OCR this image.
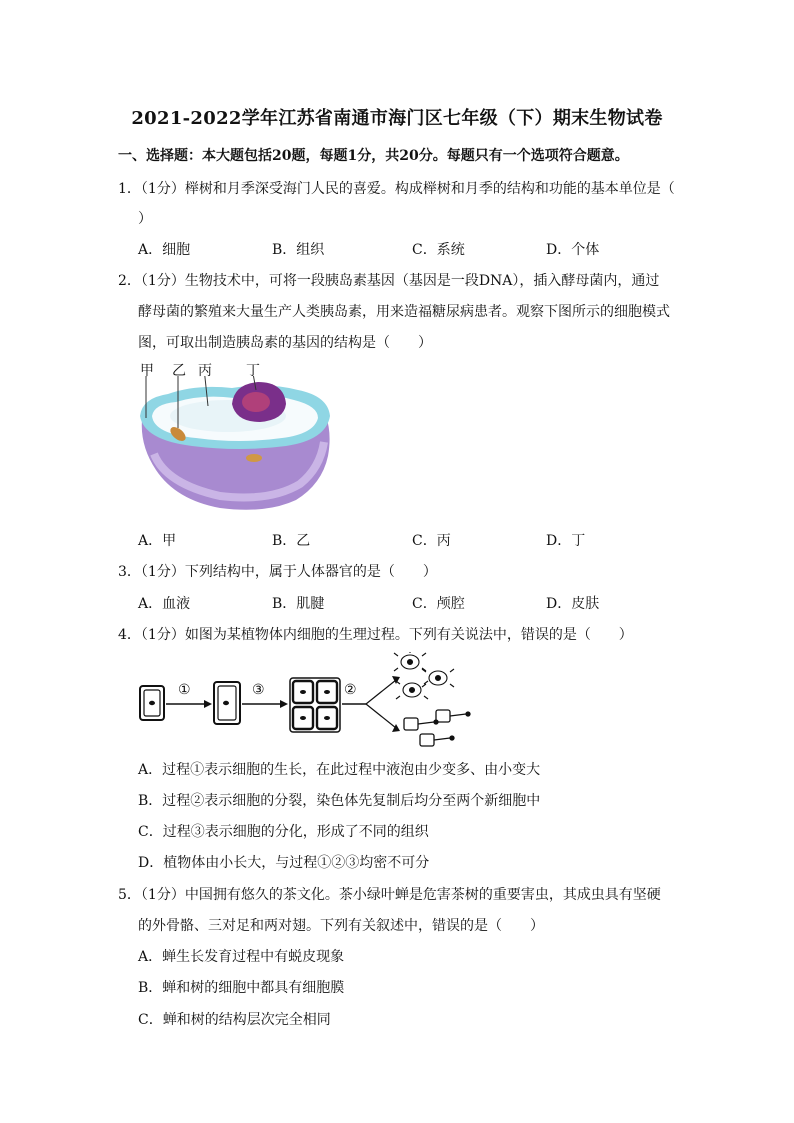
2021-2022学年江苏省南通市海门区七年级（下）期末生物试卷
一、选择题：本大题包括20题，每题1分，共20分。每题只有一个选项符合题意。
1．（1分）榉树和月季深受海门人民的喜爱。构成榉树和月季的结构和功能的基本单位是（
）
A．细胞	B．组织	C．系统	D．个体
2．（1分）生物技术中，可将一段胰岛素基因（基因是一段DNA），插入酵母菌内，通过
酵母菌的繁殖来大量生产人类胰岛素，用来造福糖尿病患者。观察下图所示的细胞模式
图，可取出制造胰岛素的基因的结构是（　　）
甲 乙 丙 丁
A．甲	B．乙	C．丙	D．丁
3．（1分）下列结构中，属于人体器官的是（　　）
A．血液	B．肌腱	C．颅腔	D．皮肤
4．（1分）如图为某植物体内细胞的生理过程。下列有关说法中，错误的是（　　）
①	③	②
A．过程①表示细胞的生长，在此过程中液泡由少变多、由小变大
B．过程②表示细胞的分裂，染色体先复制后均分至两个新细胞中
C．过程③表示细胞的分化，形成了不同的组织
D．植物体由小长大，与过程①②③均密不可分
5．（1分）中国拥有悠久的茶文化。茶小绿叶蝉是危害茶树的重要害虫，其成虫具有坚硬
的外骨骼、三对足和两对翅。下列有关叙述中，错误的是（　　）
A．蝉生长发育过程中有蜕皮现象
B．蝉和树的细胞中都具有细胞膜
C．蝉和树的结构层次完全相同
